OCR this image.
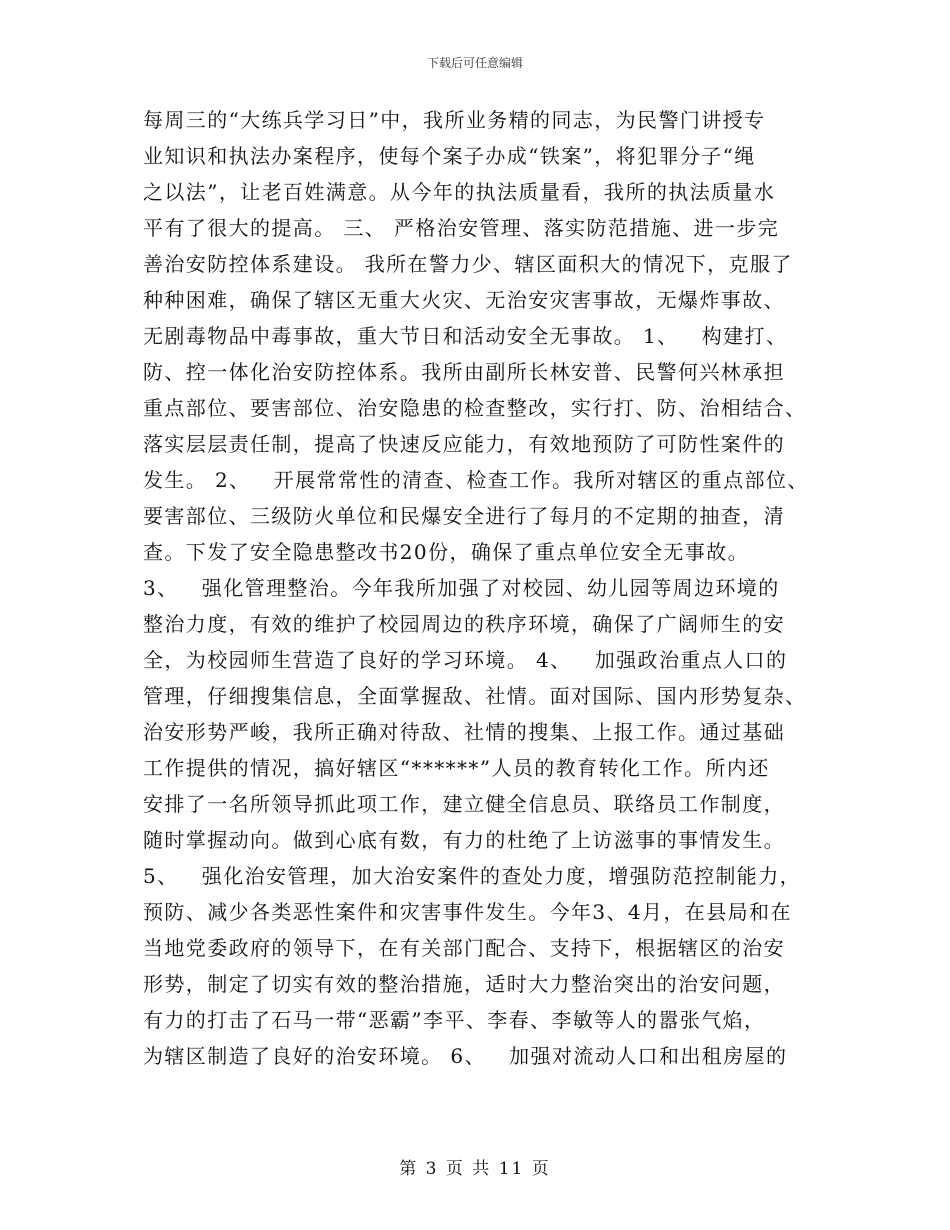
下载后可任意编辑
每周三的“大练兵学习日”中，我所业务精的同志，为民警门讲授专
业知识和执法办案程序，使每个案子办成“铁案”，将犯罪分子“绳
之以法”，让老百姓满意。从今年的执法质量看，我所的执法质量水
平有了很大的提高。 三、 严格治安管理、落实防范措施、进一步完
善治安防控体系建设。 我所在警力少、辖区面积大的情况下，克服了
种种困难，确保了辖区无重大火灾、无治安灾害事故，无爆炸事故、
无剧毒物品中毒事故，重大节日和活动安全无事故。 1、   构建打、
防、控一体化治安防控体系。我所由副所长林安普、民警何兴林承担
重点部位、要害部位、治安隐患的检查整改，实行打、防、治相结合、
落实层层责任制，提高了快速反应能力，有效地预防了可防性案件的
发生。 2、   开展常常性的清查、检查工作。我所对辖区的重点部位、
要害部位、三级防火单位和民爆安全进行了每月的不定期的抽查，清
查。下发了安全隐患整改书20份，确保了重点单位安全无事故。
3、   强化管理整治。今年我所加强了对校园、幼儿园等周边环境的
整治力度，有效的维护了校园周边的秩序环境，确保了广阔师生的安
全，为校园师生营造了良好的学习环境。 4、   加强政治重点人口的
管理，仔细搜集信息，全面掌握敌、社情。面对国际、国内形势复杂、
治安形势严峻，我所正确对待敌、社情的搜集、上报工作。通过基础
工作提供的情况，搞好辖区“******”人员的教育转化工作。所内还
安排了一名所领导抓此项工作，建立健全信息员、联络员工作制度，
随时掌握动向。做到心底有数，有力的杜绝了上访滋事的事情发生。
5、   强化治安管理，加大治安案件的查处力度，增强防范控制能力，
预防、减少各类恶性案件和灾害事件发生。今年3、4月，在县局和在
当地党委政府的领导下，在有关部门配合、支持下，根据辖区的治安
形势，制定了切实有效的整治措施，适时大力整治突出的治安问题，
有力的打击了石马一带“恶霸”李平、李春、李敏等人的嚣张气焰，
为辖区制造了良好的治安环境。 6、   加强对流动人口和出租房屋的
第 3 页 共 11 页
